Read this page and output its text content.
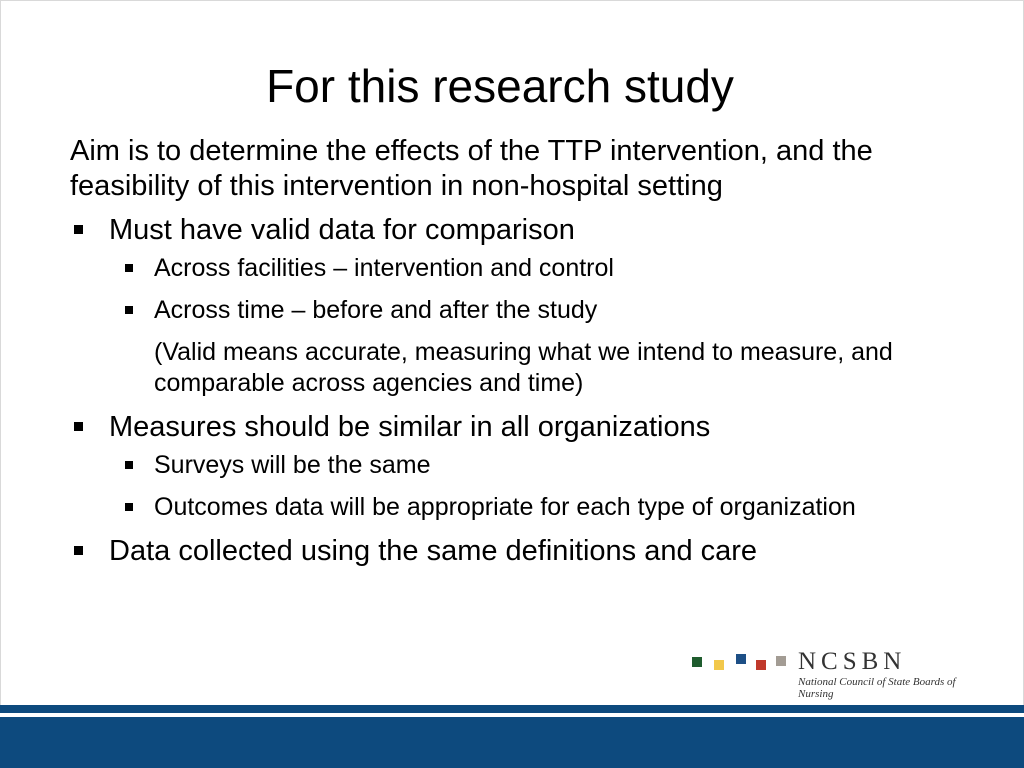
For this research study

Aim is to determine the effects of the TTP intervention, and the feasibility of this intervention in non-hospital setting

Must have valid data for comparison

Across facilities – intervention and control

Across time – before and after the study

(Valid means accurate, measuring what we intend to measure, and comparable across agencies and time)

Measures should be similar in all organizations

Surveys will be the same

Outcomes data will be appropriate for each type of organization

Data collected using the same definitions and care

NCSBN
National Council of State Boards of Nursing
